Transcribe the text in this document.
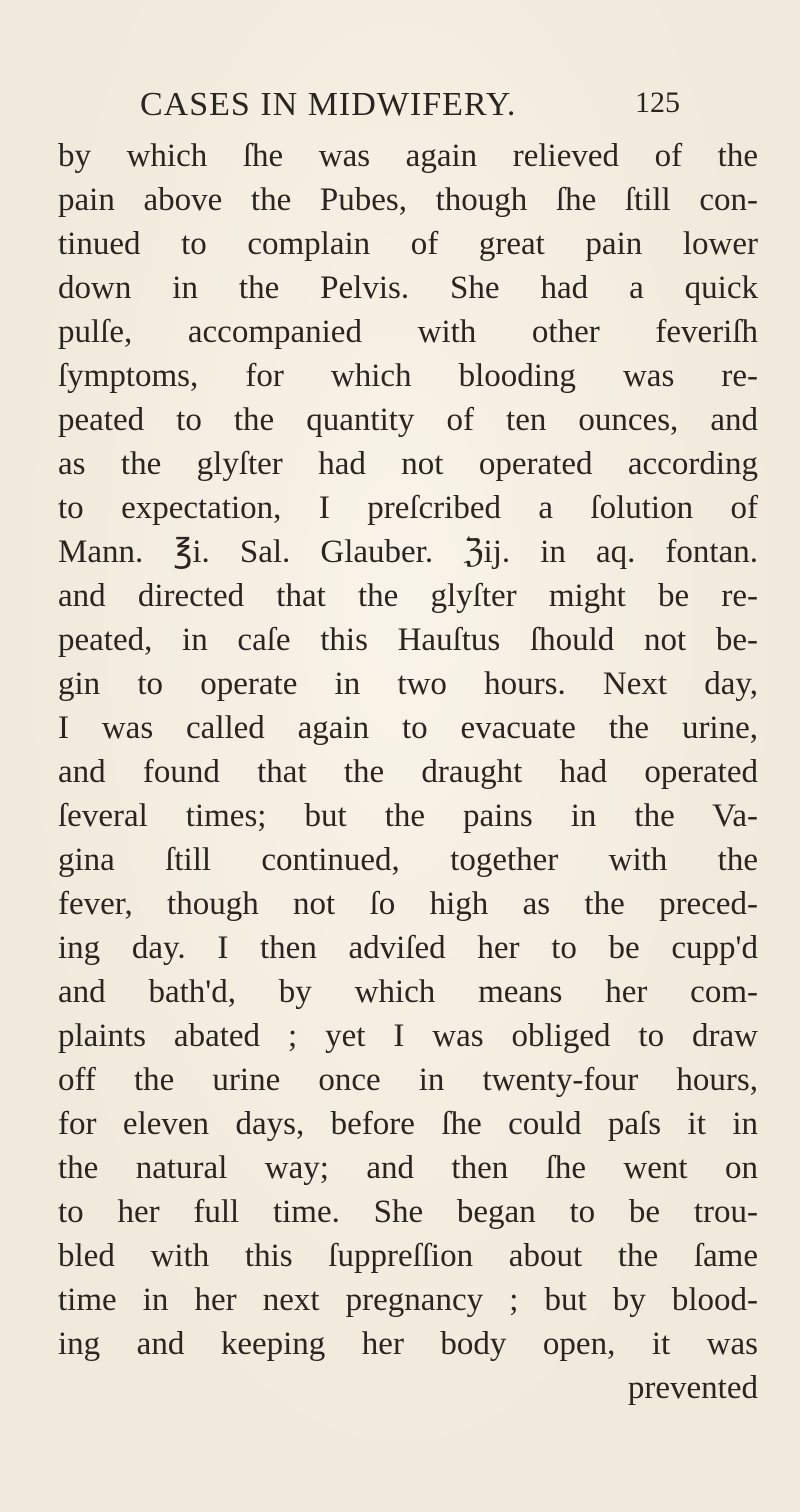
CASES IN MIDWIFERY.	125
by which ſhe was again relieved of the
pain above the Pubes, though ſhe ſtill con-
tinued to complain of great pain lower
down in the Pelvis. She had a quick
pulſe, accompanied with other feveriſh
ſymptoms, for which blooding was re-
peated to the quantity of ten ounces, and
as the glyſter had not operated according
to expectation, I preſcribed a ſolution of
Mann. ℥i. Sal. Glauber. ℨij. in aq. fontan.
and directed that the glyſter might be re-
peated, in caſe this Hauſtus ſhould not be-
gin to operate in two hours. Next day,
I was called again to evacuate the urine,
and found that the draught had operated
ſeveral times; but the pains in the Va-
gina ſtill continued, together with the
fever, though not ſo high as the preced-
ing day. I then adviſed her to be cupp'd
and bath'd, by which means her com-
plaints abated ; yet I was obliged to draw
off the urine once in twenty-four hours,
for eleven days, before ſhe could paſs it in
the natural way; and then ſhe went on
to her full time. She began to be trou-
bled with this ſuppreſſion about the ſame
time in her next pregnancy ; but by blood-
ing and keeping her body open, it was
prevented
